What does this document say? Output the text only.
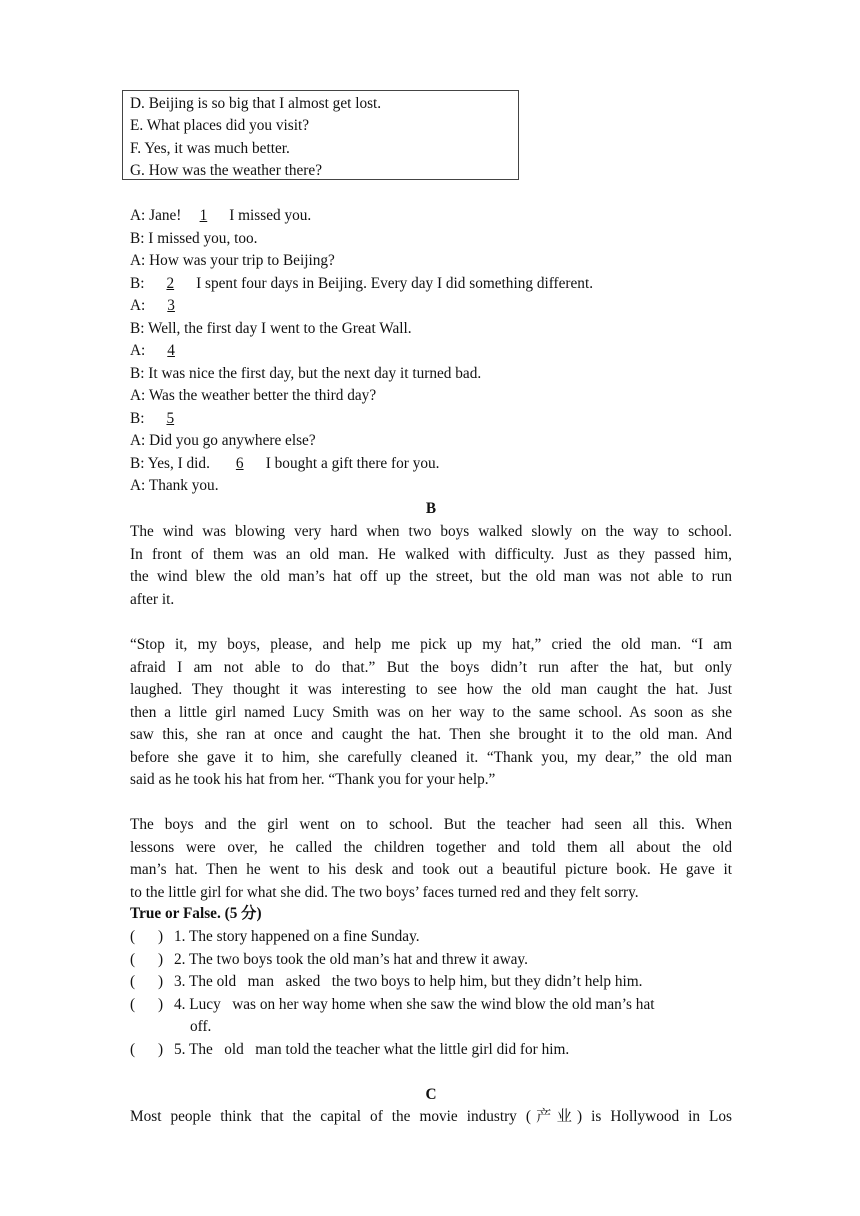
D. Beijing is so big that I almost get lost.
E. What places did you visit?
F. Yes, it was much better.
G. How was the weather there?
A: Jane! 1 I missed you.
B: I missed you, too.
A: How was your trip to Beijing?
B: 2 I spent four days in Beijing. Every day I did something different.
A: 3
B: Well, the first day I went to the Great Wall.
A: 4
B: It was nice the first day, but the next day it turned bad.
A: Was the weather better the third day?
B: 5
A: Did you go anywhere else?
B: Yes, I did. 6 I bought a gift there for you.
A: Thank you.
B
The wind was blowing very hard when two boys walked slowly on the way to school.
In front of them was an old man. He walked with difficulty. Just as they passed him,
the wind blew the old man’s hat off up the street, but the old man was not able to run
after it.
“Stop it, my boys, please, and help me pick up my hat,” cried the old man. “I am
afraid I am not able to do that.” But the boys didn’t run after the hat, but only
laughed. They thought it was interesting to see how the old man caught the hat. Just
then a little girl named Lucy Smith was on her way to the same school. As soon as she
saw this, she ran at once and caught the hat. Then she brought it to the old man. And
before she gave it to him, she carefully cleaned it. “Thank you, my dear,” the old man
said as he took his hat from her. “Thank you for your help.”
The boys and the girl went on to school. But the teacher had seen all this. When
lessons were over, he called the children together and told them all about the old
man’s hat. Then he went to his desk and took out a beautiful picture book. He gave it
to the little girl for what she did. The two boys’ faces turned red and they felt sorry.
True or False. (5 分)
(      ) 1. The story happened on a fine Sunday.
(      ) 2. The two boys took the old man’s hat and threw it away.
(      ) 3. The old   man   asked   the two boys to help him, but they didn’t help him.
(      ) 4. Lucy   was on her way home when she saw the wind blow the old man’s hat
off.
(      ) 5. The   old   man told the teacher what the little girl did for him.
C
Most people think that the capital of the movie industry (产业) is Hollywood in Los
